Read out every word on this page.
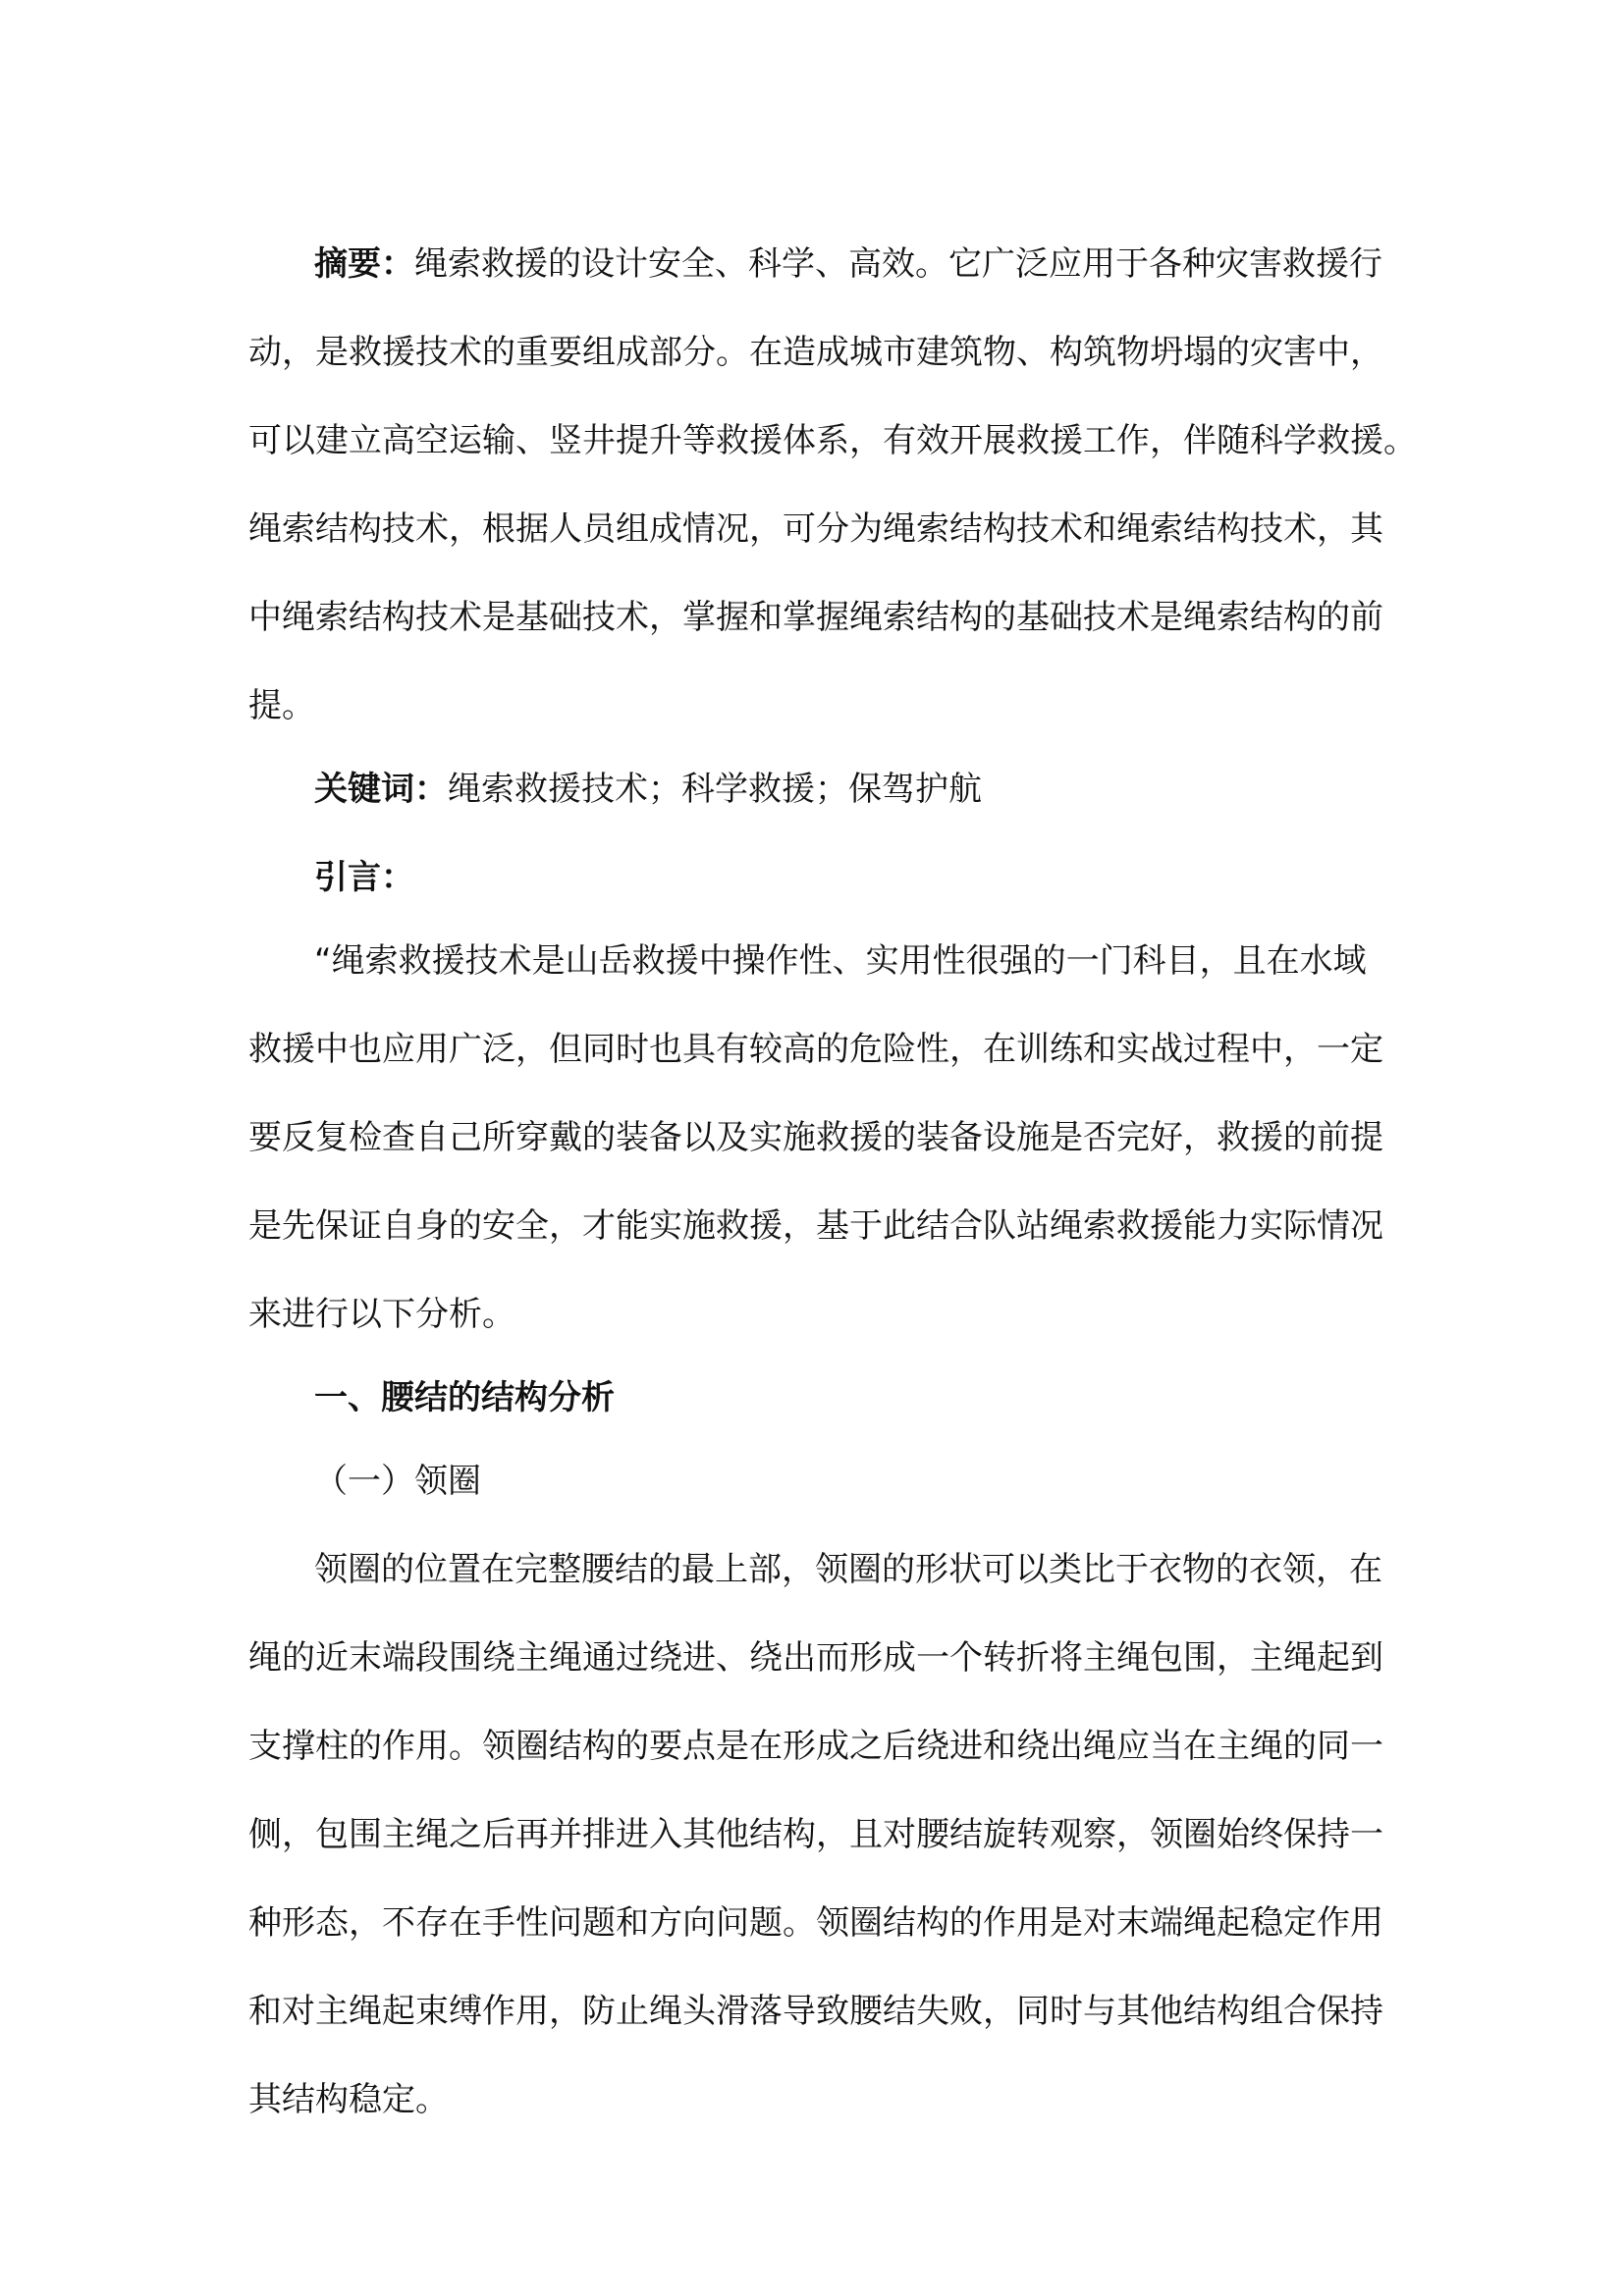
摘要：绳索救援的设计安全、科学、高效。它广泛应用于各种灾害救援行
动，是救援技术的重要组成部分。在造成城市建筑物、构筑物坍塌的灾害中，
可以建立高空运输、竖井提升等救援体系，有效开展救援工作，伴随科学救援。
绳索结构技术，根据人员组成情况，可分为绳索结构技术和绳索结构技术，其
中绳索结构技术是基础技术，掌握和掌握绳索结构的基础技术是绳索结构的前
提。
关键词：绳索救援技术；科学救援；保驾护航
引言：
“绳索救援技术是山岳救援中操作性、实用性很强的一门科目，且在水域
救援中也应用广泛，但同时也具有较高的危险性，在训练和实战过程中，一定
要反复检查自己所穿戴的装备以及实施救援的装备设施是否完好，救援的前提
是先保证自身的安全，才能实施救援，基于此结合队站绳索救援能力实际情况
来进行以下分析。
一、腰结的结构分析
（一）领圈
领圈的位置在完整腰结的最上部，领圈的形状可以类比于衣物的衣领，在
绳的近末端段围绕主绳通过绕进、绕出而形成一个转折将主绳包围，主绳起到
支撑柱的作用。领圈结构的要点是在形成之后绕进和绕出绳应当在主绳的同一
侧，包围主绳之后再并排进入其他结构，且对腰结旋转观察，领圈始终保持一
种形态，不存在手性问题和方向问题。领圈结构的作用是对末端绳起稳定作用
和对主绳起束缚作用，防止绳头滑落导致腰结失败，同时与其他结构组合保持
其结构稳定。
